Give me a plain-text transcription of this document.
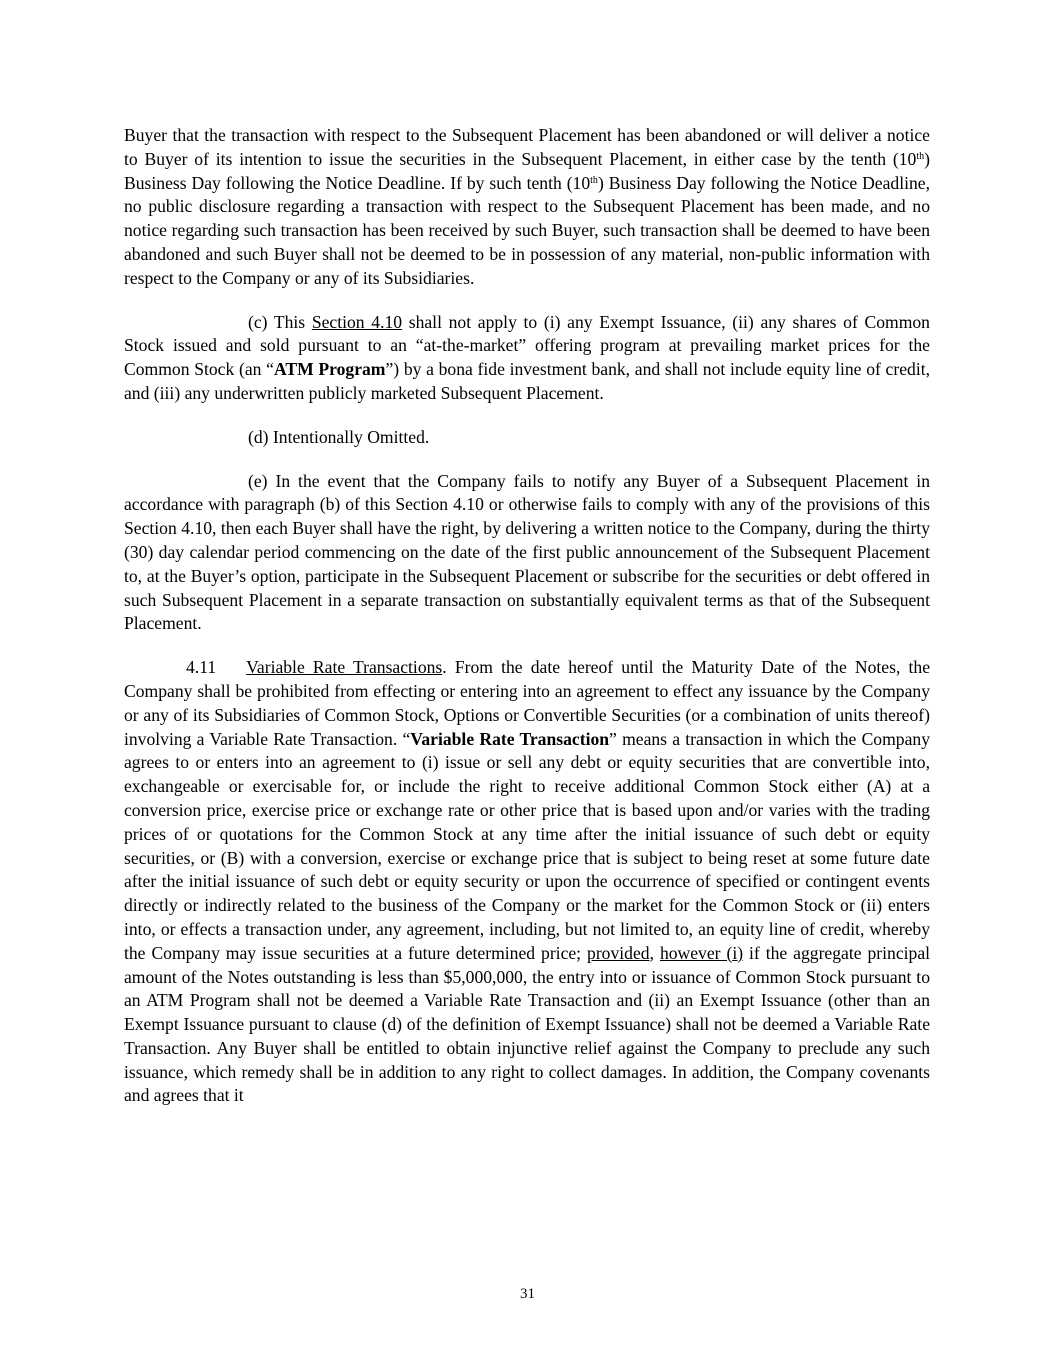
Buyer that the transaction with respect to the Subsequent Placement has been abandoned or will deliver a notice to Buyer of its intention to issue the securities in the Subsequent Placement, in either case by the tenth (10th) Business Day following the Notice Deadline. If by such tenth (10th) Business Day following the Notice Deadline, no public disclosure regarding a transaction with respect to the Subsequent Placement has been made, and no notice regarding such transaction has been received by such Buyer, such transaction shall be deemed to have been abandoned and such Buyer shall not be deemed to be in possession of any material, non-public information with respect to the Company or any of its Subsidiaries.

(c) This Section 4.10 shall not apply to (i) any Exempt Issuance, (ii) any shares of Common Stock issued and sold pursuant to an “at-the-market” offering program at prevailing market prices for the Common Stock (an “ATM Program”) by a bona fide investment bank, and shall not include equity line of credit, and (iii) any underwritten publicly marketed Subsequent Placement.

(d) Intentionally Omitted.

(e) In the event that the Company fails to notify any Buyer of a Subsequent Placement in accordance with paragraph (b) of this Section 4.10 or otherwise fails to comply with any of the provisions of this Section 4.10, then each Buyer shall have the right, by delivering a written notice to the Company, during the thirty (30) day calendar period commencing on the date of the first public announcement of the Subsequent Placement to, at the Buyer’s option, participate in the Subsequent Placement or subscribe for the securities or debt offered in such Subsequent Placement in a separate transaction on substantially equivalent terms as that of the Subsequent Placement.

4.11 Variable Rate Transactions. From the date hereof until the Maturity Date of the Notes, the Company shall be prohibited from effecting or entering into an agreement to effect any issuance by the Company or any of its Subsidiaries of Common Stock, Options or Convertible Securities (or a combination of units thereof) involving a Variable Rate Transaction. “Variable Rate Transaction” means a transaction in which the Company agrees to or enters into an agreement to (i) issue or sell any debt or equity securities that are convertible into, exchangeable or exercisable for, or include the right to receive additional Common Stock either (A) at a conversion price, exercise price or exchange rate or other price that is based upon and/or varies with the trading prices of or quotations for the Common Stock at any time after the initial issuance of such debt or equity securities, or (B) with a conversion, exercise or exchange price that is subject to being reset at some future date after the initial issuance of such debt or equity security or upon the occurrence of specified or contingent events directly or indirectly related to the business of the Company or the market for the Common Stock or (ii) enters into, or effects a transaction under, any agreement, including, but not limited to, an equity line of credit, whereby the Company may issue securities at a future determined price; provided, however (i) if the aggregate principal amount of the Notes outstanding is less than $5,000,000, the entry into or issuance of Common Stock pursuant to an ATM Program shall not be deemed a Variable Rate Transaction and (ii) an Exempt Issuance (other than an Exempt Issuance pursuant to clause (d) of the definition of Exempt Issuance) shall not be deemed a Variable Rate Transaction. Any Buyer shall be entitled to obtain injunctive relief against the Company to preclude any such issuance, which remedy shall be in addition to any right to collect damages. In addition, the Company covenants and agrees that it

31
